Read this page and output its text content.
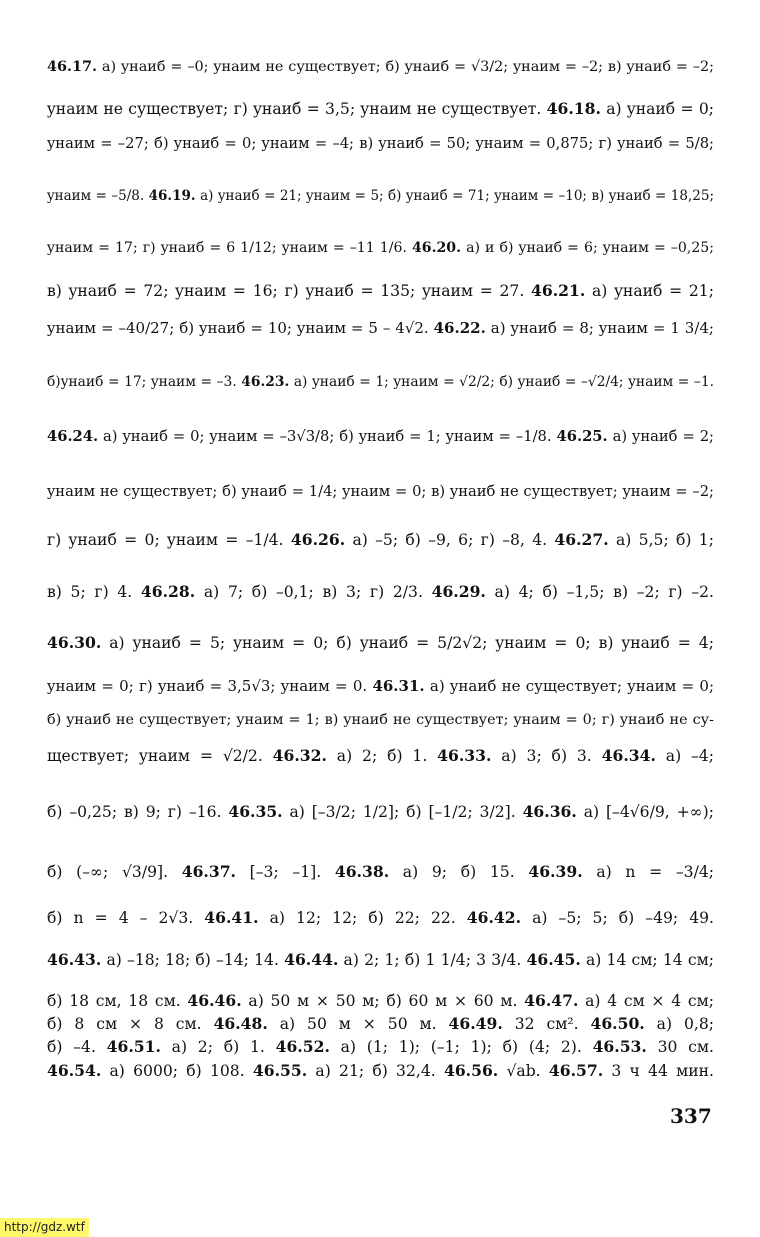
46.17. а) yнаиб = –0; yнаим не существует; б) yнаиб = √3/2; yнаим = –2; в) yнаиб = –2;
yнаим не существует; г) yнаиб = 3,5; yнаим не существует. 46.18. а) yнаиб = 0;
yнаим = –27; б) yнаиб = 0; yнаим = –4; в) yнаиб = 50; yнаим = 0,875; г) yнаиб = 5/8;
yнаим = –5/8. 46.19. а) yнаиб = 21; yнаим = 5; б) yнаиб = 71; yнаим = –10; в) yнаиб = 18,25;
yнаим = 17; г) yнаиб = 6 1/12; yнаим = –11 1/6. 46.20. а) и б) yнаиб = 6; yнаим = –0,25;
в) yнаиб = 72; yнаим = 16; г) yнаиб = 135; yнаим = 27. 46.21. а) yнаиб = 21;
yнаим = –40/27; б) yнаиб = 10; yнаим = 5 – 4√2. 46.22. а) yнаиб = 8; yнаим = 1 3/4;
б)yнаиб = 17; yнаим = –3. 46.23. а) yнаиб = 1; yнаим = √2/2; б) yнаиб = –√2/4; yнаим = –1.
46.24. а) yнаиб = 0; yнаим = –3√3/8; б) yнаиб = 1; yнаим = –1/8. 46.25. а) yнаиб = 2;
yнаим не существует; б) yнаиб = 1/4; yнаим = 0; в) yнаиб не существует; yнаим = –2;
г) yнаиб = 0; yнаим = –1/4. 46.26. а) –5; б) –9, 6; г) –8, 4. 46.27. а) 5,5; б) 1;
в) 5; г) 4. 46.28. а) 7; б) –0,1; в) 3; г) 2/3. 46.29. а) 4; б) –1,5; в) –2; г) –2.
46.30. а) yнаиб = 5; yнаим = 0; б) yнаиб = 5/2√2; yнаим = 0; в) yнаиб = 4;
yнаим = 0; г) yнаиб = 3,5√3; yнаим = 0. 46.31. а) yнаиб не существует; yнаим = 0;
б) yнаиб не существует; yнаим = 1; в) yнаиб не существует; yнаим = 0; г) yнаиб не су-
ществует; yнаим = √2/2. 46.32. а) 2; б) 1. 46.33. а) 3; б) 3. 46.34. а) –4;
б) –0,25; в) 9; г) –16. 46.35. а) [–3/2; 1/2]; б) [–1/2; 3/2]. 46.36. а) [–4√6/9, +∞);
б) (–∞; √3/9]. 46.37. [–3; –1]. 46.38. а) 9; б) 15. 46.39. а) n = –3/4;
б) n = 4 – 2√3. 46.41. а) 12; 12; б) 22; 22. 46.42. а) –5; 5; б) –49; 49.
46.43. а) –18; 18; б) –14; 14. 46.44. а) 2; 1; б) 1 1/4; 3 3/4. 46.45. а) 14 см; 14 см;
б) 18 см, 18 см. 46.46. а) 50 м × 50 м; б) 60 м × 60 м. 46.47. а) 4 см × 4 см;
б) 8 см × 8 см. 46.48. а) 50 м × 50 м. 46.49. 32 см². 46.50. а) 0,8;
б) –4. 46.51. а) 2; б) 1. 46.52. а) (1; 1); (–1; 1); б) (4; 2). 46.53. 30 см.
46.54. а) 6000; б) 108. 46.55. а) 21; б) 32,4. 46.56. √ab. 46.57. 3 ч 44 мин.
337
http://gdz.wtf
